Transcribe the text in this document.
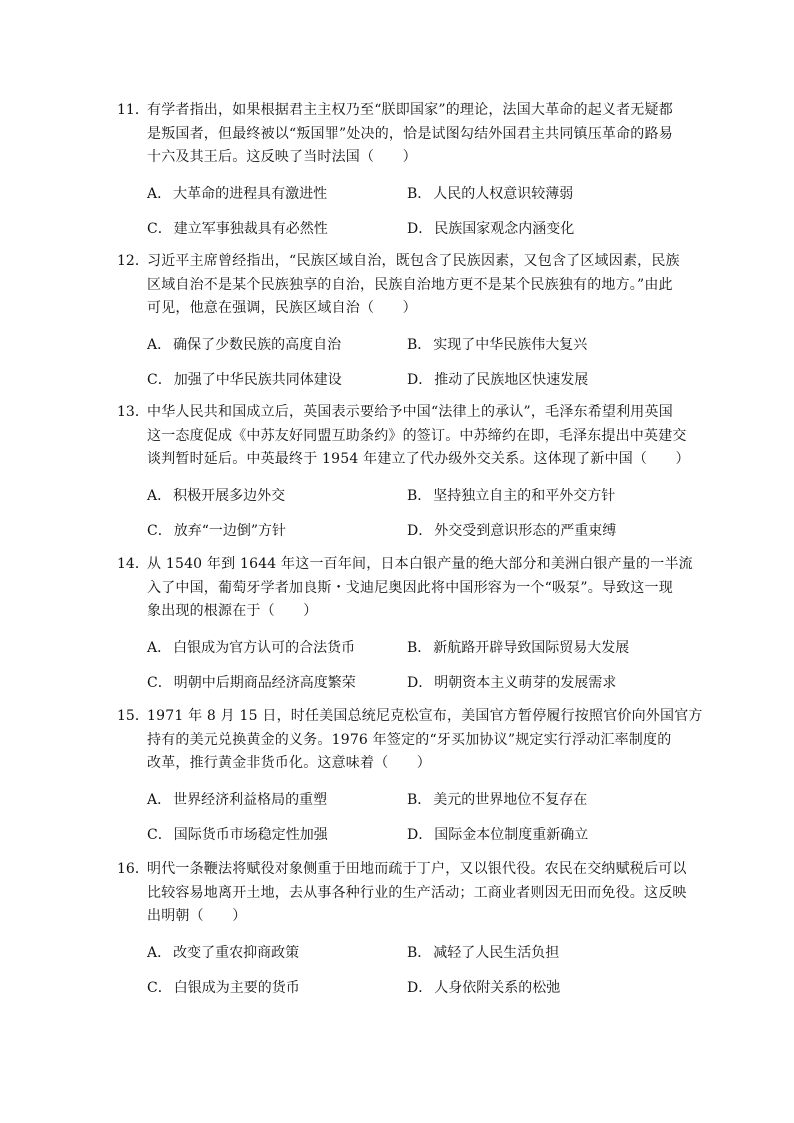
11．
有学者指出，如果根据君主主权乃至“朕即国家”的理论，法国大革命的起义者无疑都
是叛国者，但最终被以“叛国罪”处决的，恰是试图勾结外国君主共同镇压革命的路易
十六及其王后。这反映了当时法国（　　）
A． 大革命的进程具有激进性	B． 人民的人权意识较薄弱
C． 建立军事独裁具有必然性	D． 民族国家观念内涵变化
12．
习近平主席曾经指出，“民族区域自治，既包含了民族因素，又包含了区域因素，民族
区域自治不是某个民族独享的自治，民族自治地方更不是某个民族独有的地方。”由此
可见，他意在强调，民族区域自治（　　）
A． 确保了少数民族的高度自治	B． 实现了中华民族伟大复兴
C． 加强了中华民族共同体建设	D． 推动了民族地区快速发展
13．
中华人民共和国成立后，英国表示要给予中国“法律上的承认”，毛泽东希望利用英国
这一态度促成《中苏友好同盟互助条约》的签订。中苏缔约在即，毛泽东提出中英建交
谈判暂时延后。中英最终于 1954 年建立了代办级外交关系。这体现了新中国（　　）
A． 积极开展多边外交	B． 坚持独立自主的和平外交方针
C． 放弃“一边倒”方针	D． 外交受到意识形态的严重束缚
14．
从 1540 年到 1644 年这一百年间，日本白银产量的绝大部分和美洲白银产量的一半流
入了中国，葡萄牙学者加良斯・戈迪尼奥因此将中国形容为一个“吸泵”。导致这一现
象出现的根源在于（　　）
A． 白银成为官方认可的合法货币	B． 新航路开辟导致国际贸易大发展
C． 明朝中后期商品经济高度繁荣	D． 明朝资本主义萌芽的发展需求
15．
1971 年 8 月 15 日，时任美国总统尼克松宣布，美国官方暂停履行按照官价向外国官方
持有的美元兑换黄金的义务。1976 年签定的“牙买加协议”规定实行浮动汇率制度的
改革，推行黄金非货币化。这意味着（　　）
A． 世界经济利益格局的重塑	B． 美元的世界地位不复存在
C． 国际货币市场稳定性加强	D． 国际金本位制度重新确立
16．
明代一条鞭法将赋役对象侧重于田地而疏于丁户，又以银代役。农民在交纳赋税后可以
比较容易地离开土地，去从事各种行业的生产活动；工商业者则因无田而免役。这反映
出明朝（　　）
A． 改变了重农抑商政策	B． 减轻了人民生活负担
C． 白银成为主要的货币	D． 人身依附关系的松弛
